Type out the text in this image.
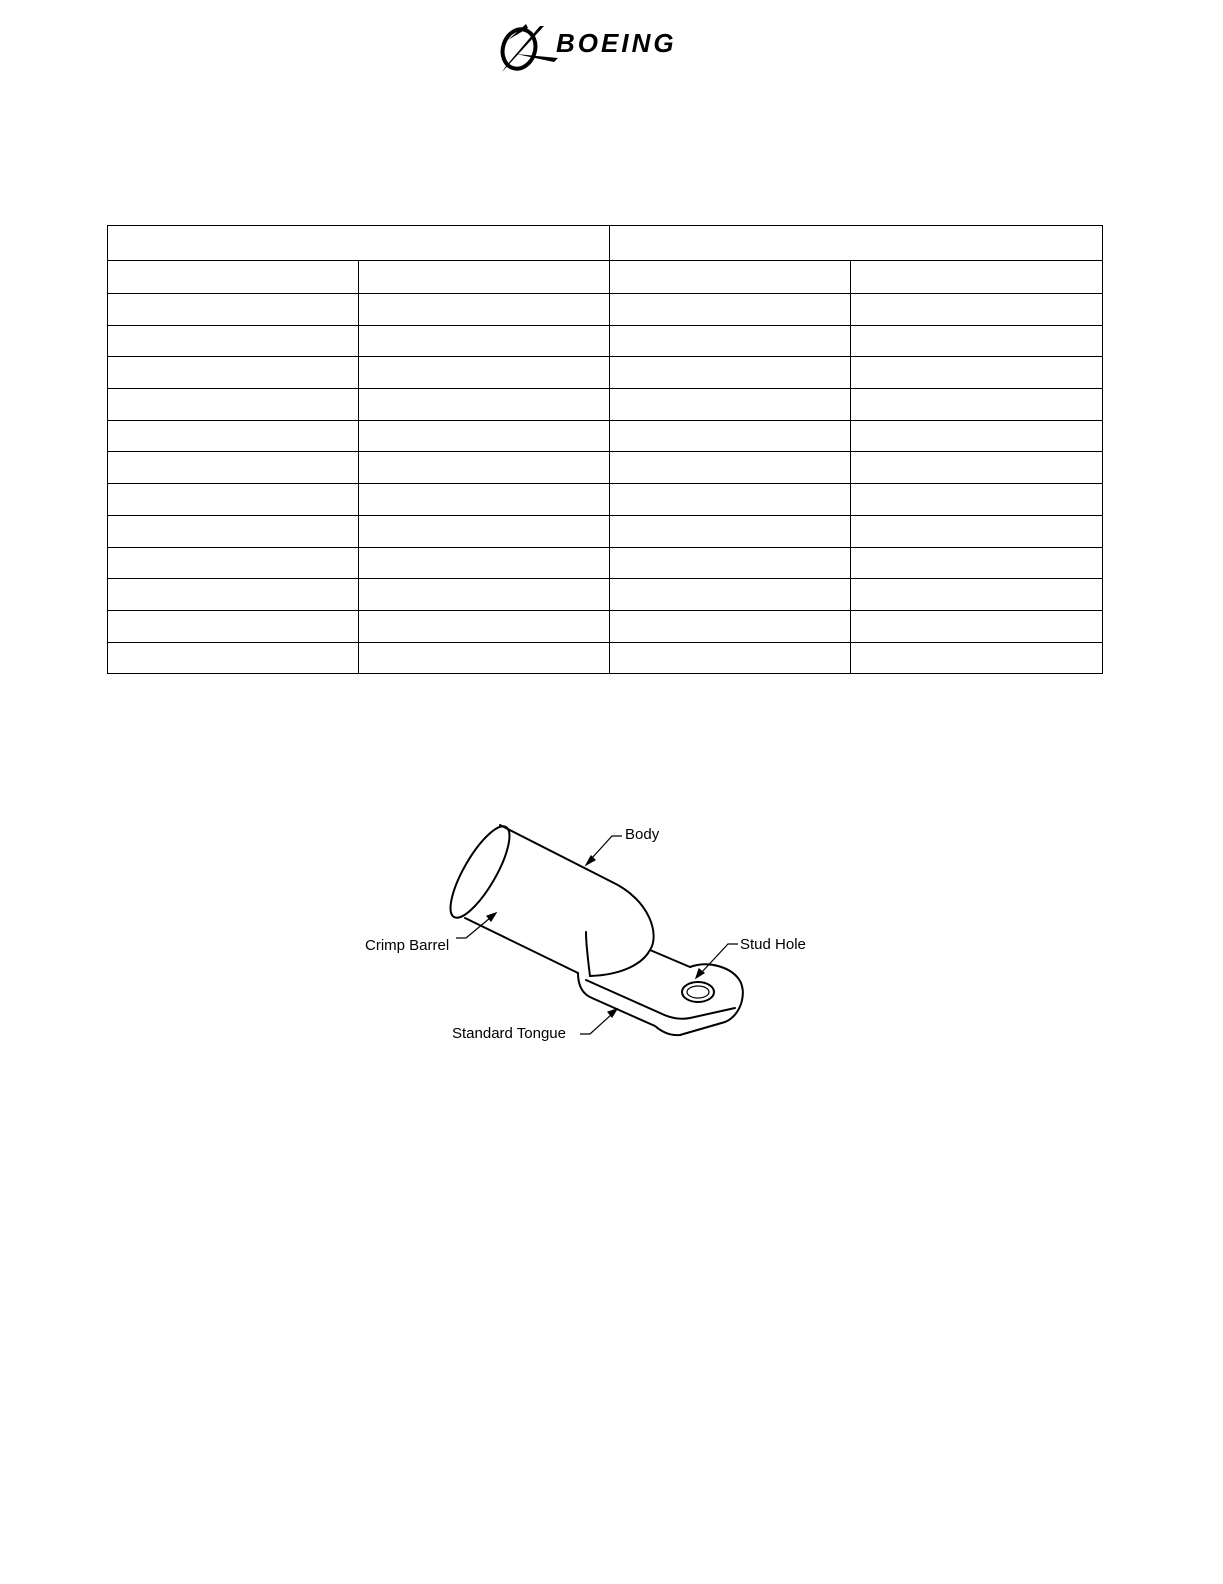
BOEING

Body
Crimp Barrel	Stud Hole
Standard Tongue
